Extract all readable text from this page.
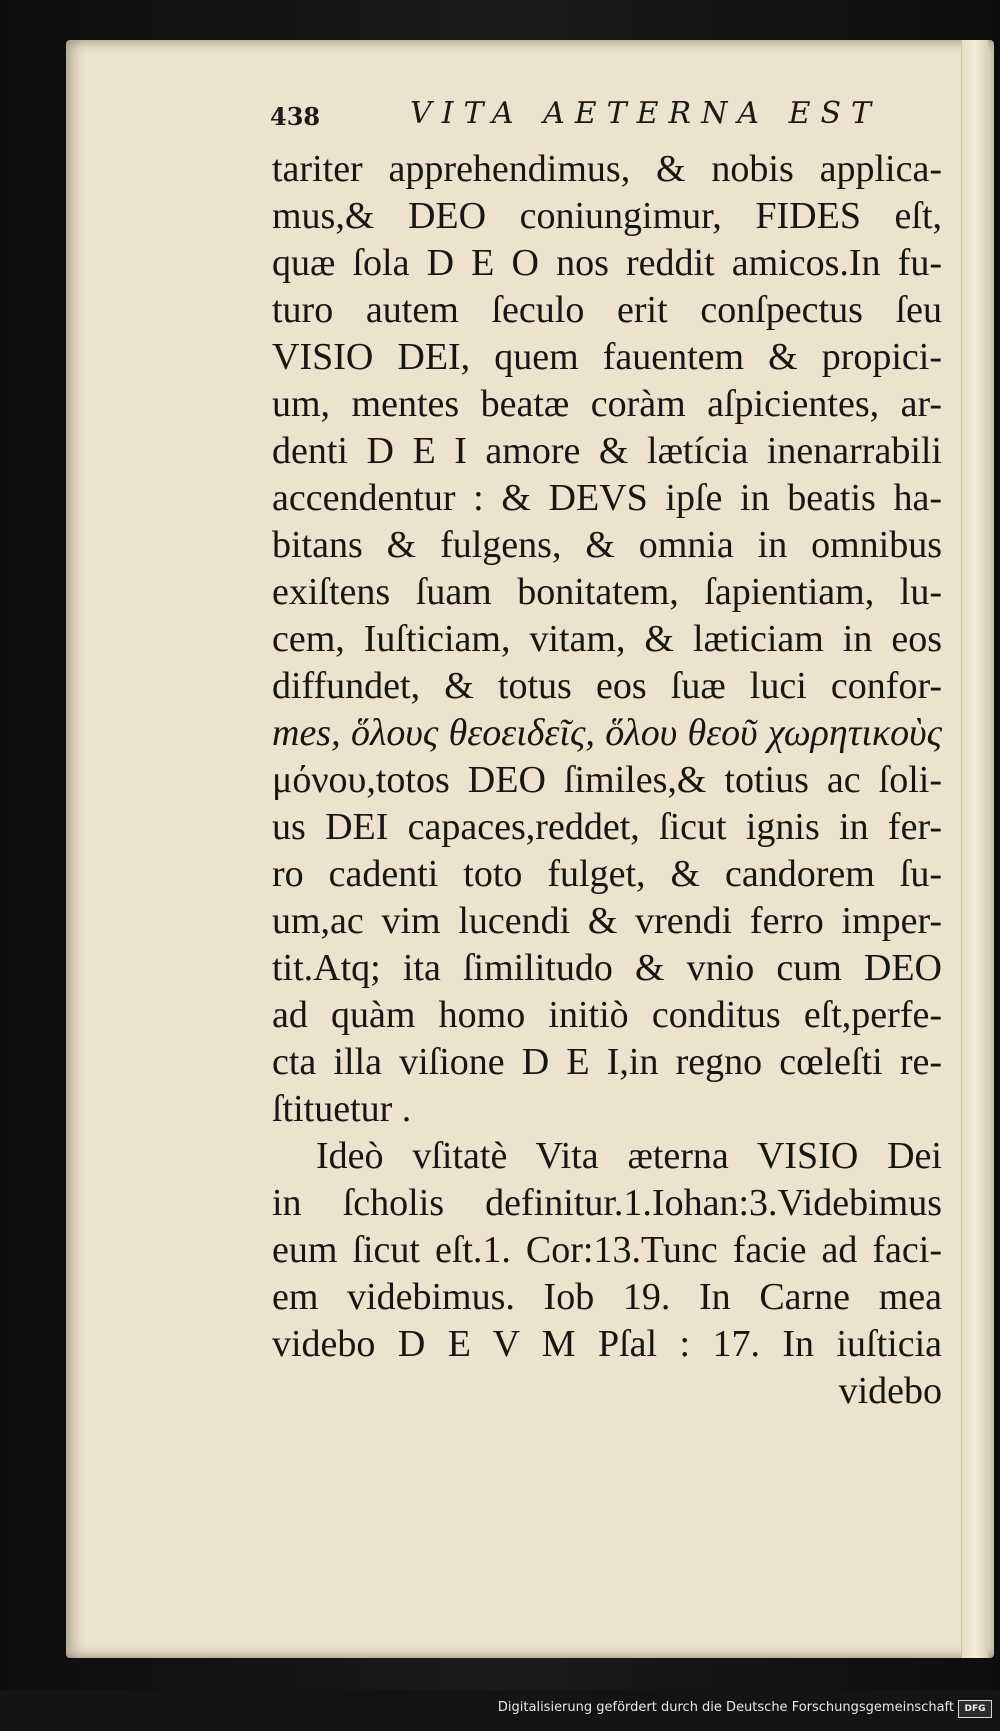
438	VITA AETERNA EST
tariter apprehendimus, & nobis applica-
mus,& DEO coniungimur, FIDES eſt,
quæ ſola D E O nos reddit amicos.In fu-
turo autem ſeculo erit conſpectus ſeu
VISIO DEI, quem fauentem & propici-
um, mentes beatæ coràm aſpicientes, ar-
denti D E I amore & lætícia inenarrabili
accendentur : & DEVS ipſe in beatis ha-
bitans & fulgens, & omnia in omnibus
exiſtens ſuam bonitatem, ſapientiam, lu-
cem, Iuſticiam, vitam, & læticiam in eos
diffundet, & totus eos ſuæ luci confor-
mes, ὅλους θεοειδεῖς, ὅλου θεοῦ χωρητικοὺς
μόνου,totos DEO ſimiles,& totius ac ſoli-
us DEI capaces,reddet, ſicut ignis in fer-
ro cadenti toto fulget, & candorem ſu-
um,ac vim lucendi & vrendi ferro imper-
tit.Atq; ita ſimilitudo & vnio cum DEO
ad quàm homo initiò conditus eſt,perfe-
cta illa viſione D E I,in regno cœleſti re-
ſtituetur .
Ideò vſitatè Vita æterna VISIO Dei
in ſcholis definitur.1.Iohan:3.Videbimus
eum ſicut eſt.1. Cor:13.Tunc facie ad faci-
em videbimus. Iob 19. In Carne mea
videbo D E V M Pſal : 17. In iuſticia
videbo
Digitalisierung gefördert durch die Deutsche Forschungsgemeinschaft	DFG
